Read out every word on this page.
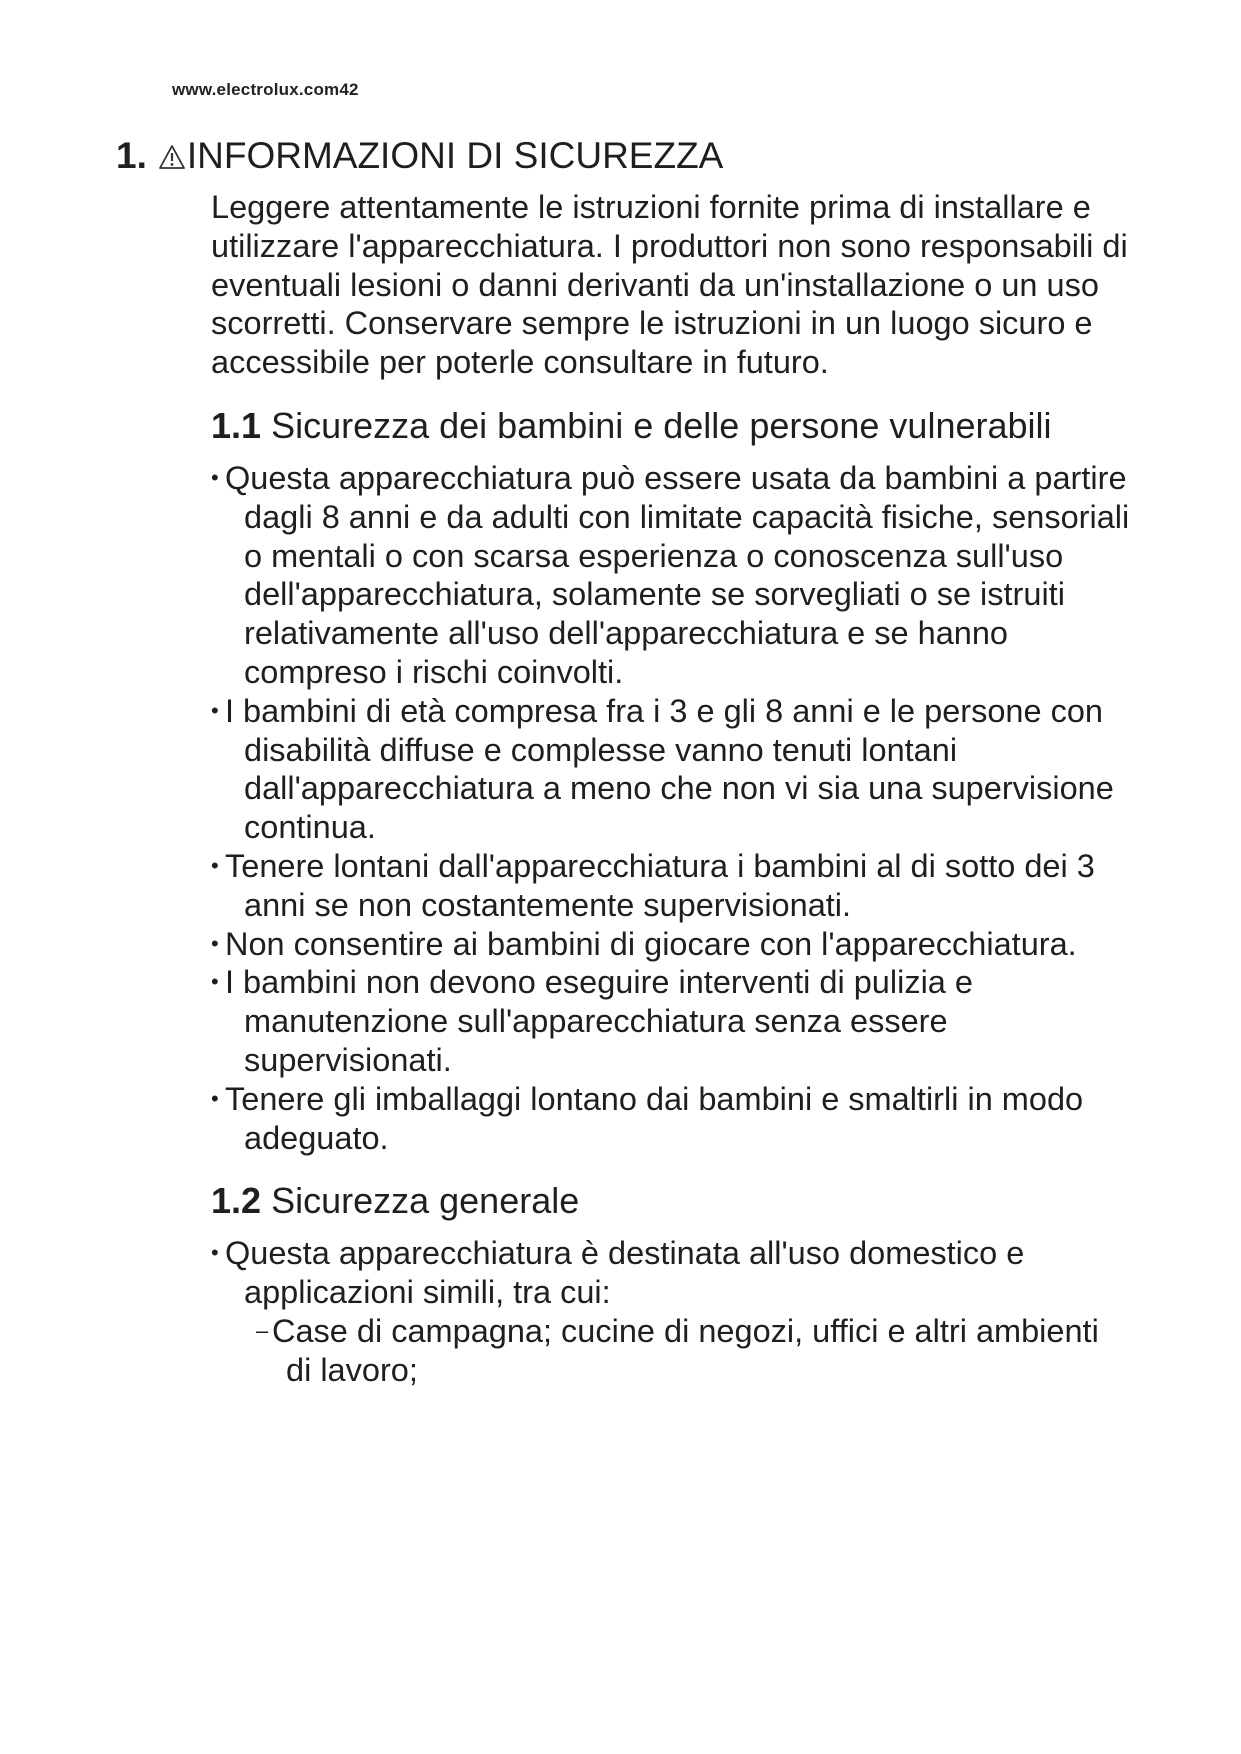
www.electrolux.com42
1. INFORMAZIONI DI SICUREZZA

Leggere attentamente le istruzioni fornite prima di installare e utilizzare l'apparecchiatura. I produttori non sono responsabili di eventuali lesioni o danni derivanti da un'installazione o un uso scorretti. Conservare sempre le istruzioni in un luogo sicuro e accessibile per poterle consultare in futuro.

1.1 Sicurezza dei bambini e delle persone vulnerabili
• Questa apparecchiatura può essere usata da bambini a partire dagli 8 anni e da adulti con limitate capacità fisiche, sensoriali o mentali o con scarsa esperienza o conoscenza sull'uso dell'apparecchiatura, solamente se sorvegliati o se istruiti relativamente all'uso dell'apparecchiatura e se hanno compreso i rischi coinvolti.
• I bambini di età compresa fra i 3 e gli 8 anni e le persone con disabilità diffuse e complesse vanno tenuti lontani dall'apparecchiatura a meno che non vi sia una supervisione continua.
• Tenere lontani dall'apparecchiatura i bambini al di sotto dei 3 anni se non costantemente supervisionati.
• Non consentire ai bambini di giocare con l'apparecchiatura.
• I bambini non devono eseguire interventi di pulizia e manutenzione sull'apparecchiatura senza essere supervisionati.
• Tenere gli imballaggi lontano dai bambini e smaltirli in modo adeguato.
1.2 Sicurezza generale
• Questa apparecchiatura è destinata all'uso domestico e applicazioni simili, tra cui:
– Case di campagna; cucine di negozi, uffici e altri ambienti di lavoro;
